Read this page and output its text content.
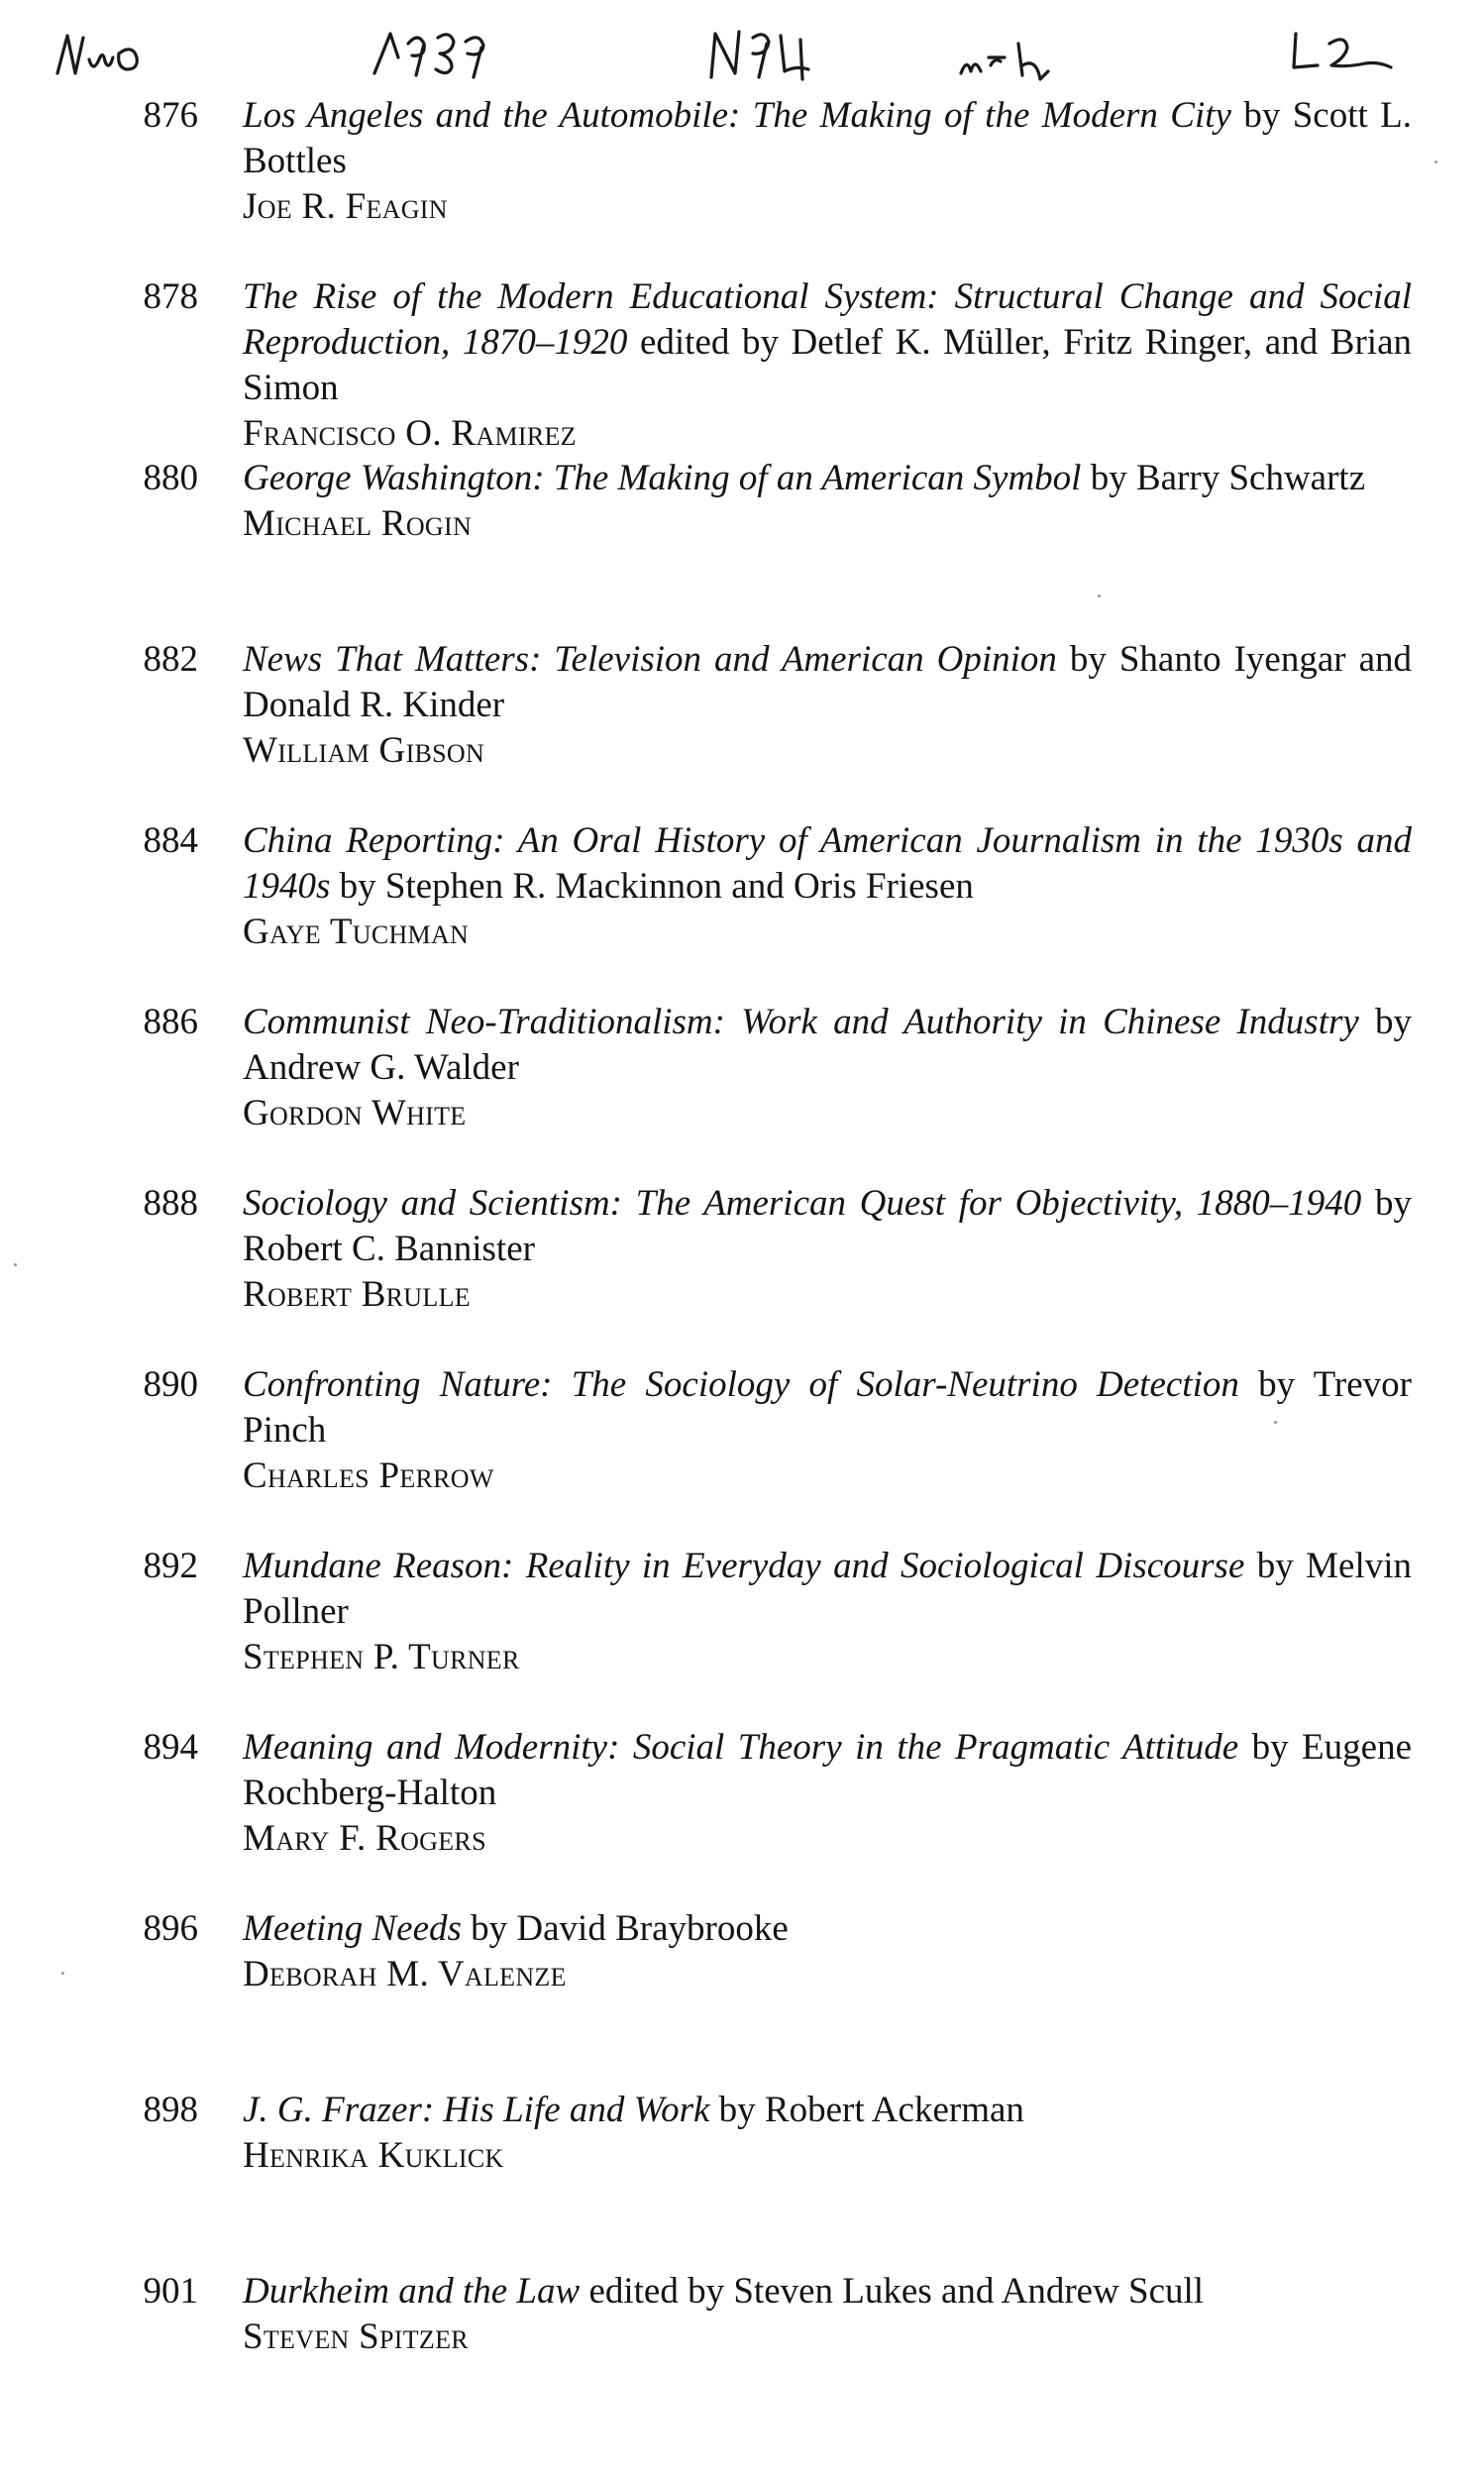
876 Los Angeles and the Automobile: The Making of the Modern City by Scott L. Bottles
Joe R. Feagin
878 The Rise of the Modern Educational System: Structural Change and Social Reproduction, 1870–1920 edited by Detlef K. Müller, Fritz Ringer, and Brian Simon
Francisco O. Ramirez
880 George Washington: The Making of an American Symbol by Barry Schwartz
Michael Rogin
882 News That Matters: Television and American Opinion by Shanto Iyengar and Donald R. Kinder
William Gibson
884 China Reporting: An Oral History of American Journalism in the 1930s and 1940s by Stephen R. Mackinnon and Oris Friesen
Gaye Tuchman
886 Communist Neo-Traditionalism: Work and Authority in Chinese Industry by Andrew G. Walder
Gordon White
888 Sociology and Scientism: The American Quest for Objectivity, 1880–1940 by Robert C. Bannister
Robert Brulle
890 Confronting Nature: The Sociology of Solar-Neutrino Detection by Trevor Pinch
Charles Perrow
892 Mundane Reason: Reality in Everyday and Sociological Discourse by Melvin Pollner
Stephen P. Turner
894 Meaning and Modernity: Social Theory in the Pragmatic Attitude by Eugene Rochberg-Halton
Mary F. Rogers
896 Meeting Needs by David Braybrooke
Deborah M. Valenze
898 J. G. Frazer: His Life and Work by Robert Ackerman
Henrika Kuklick
901 Durkheim and the Law edited by Steven Lukes and Andrew Scull
Steven Spitzer
